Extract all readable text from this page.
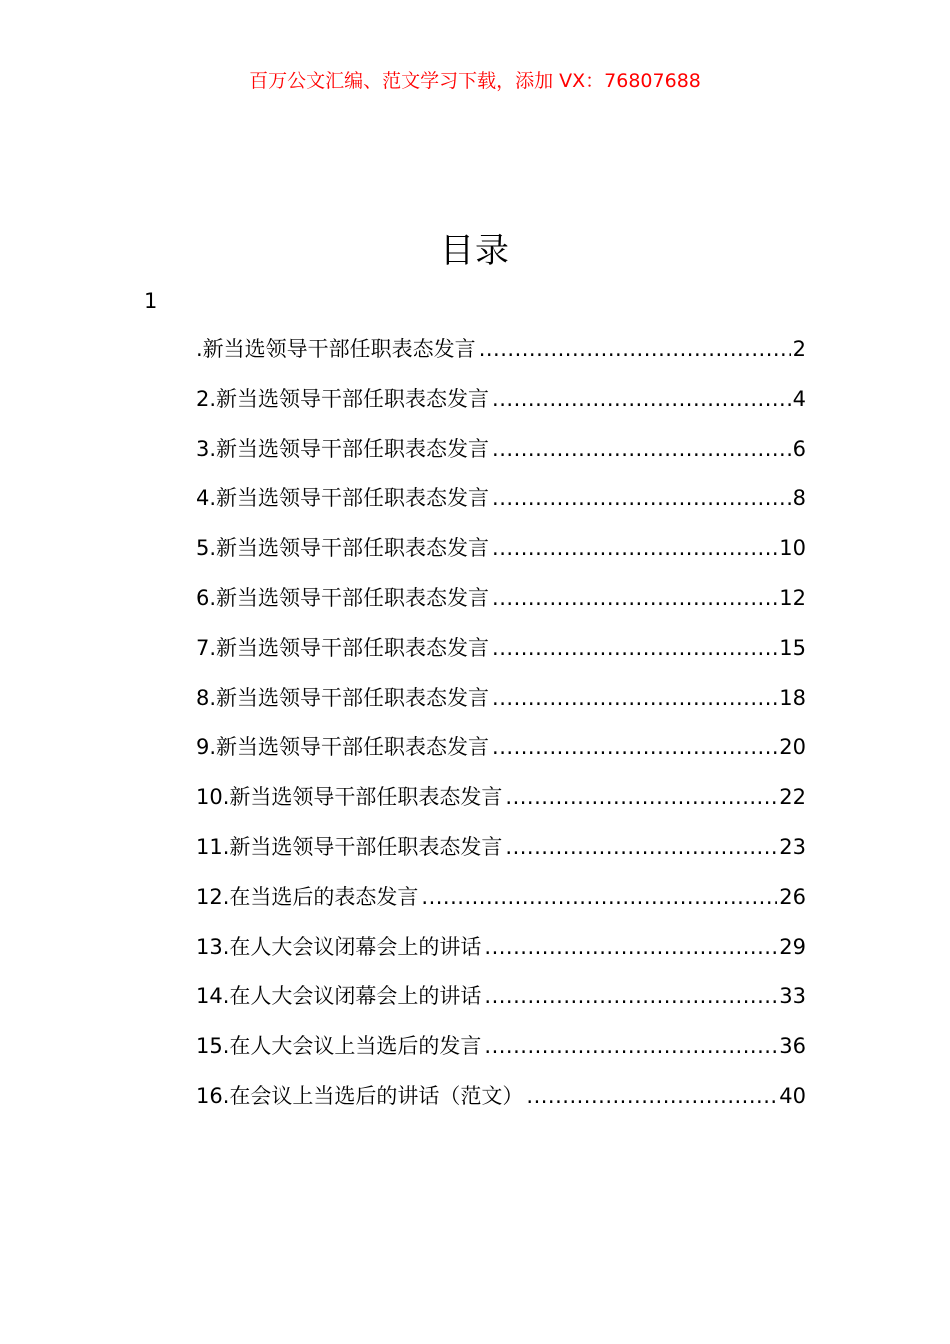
百万公文汇编、范文学习下载，添加 VX：76807688
目录
1
.新当选领导干部任职表态发言 .....	2
2.新当选领导干部任职表态发言 .....	4
3.新当选领导干部任职表态发言 .....	6
4.新当选领导干部任职表态发言 .....	8
5.新当选领导干部任职表态发言 .....	10
6.新当选领导干部任职表态发言 .....	12
7.新当选领导干部任职表态发言 .....	15
8.新当选领导干部任职表态发言 .....	18
9.新当选领导干部任职表态发言 .....	20
10.新当选领导干部任职表态发言 .....	22
11.新当选领导干部任职表态发言 .....	23
12.在当选后的表态发言 .....	26
13.在人大会议闭幕会上的讲话 .....	29
14.在人大会议闭幕会上的讲话 .....	33
15.在人大会议上当选后的发言 .....	36
16.在会议上当选后的讲话（范文） .....	40
